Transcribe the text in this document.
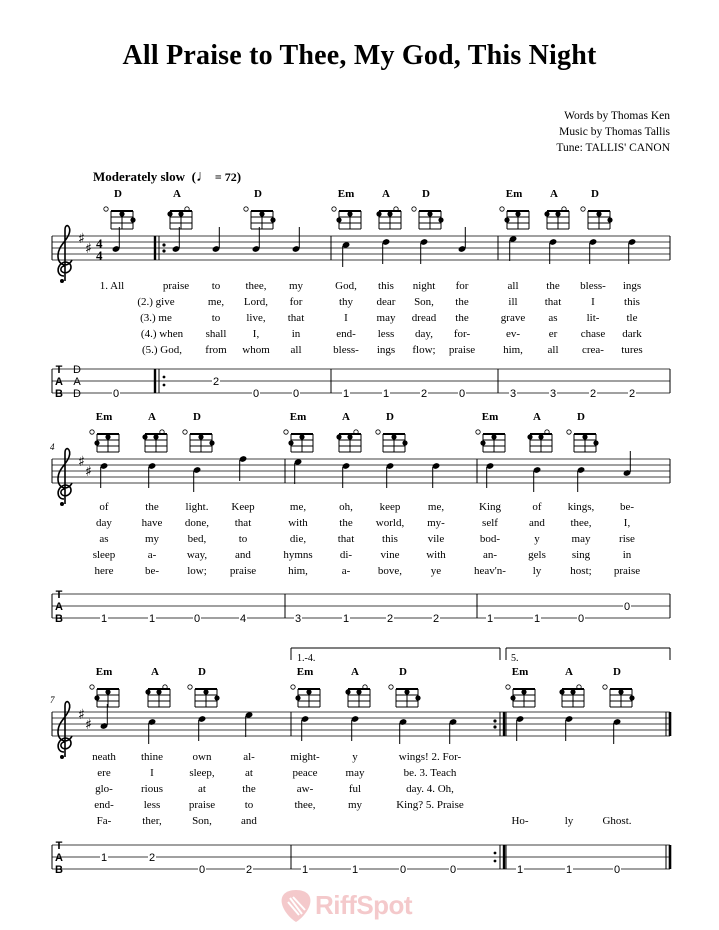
All Praise to Thee, My God, This Night
Words by Thomas Ken
Music by Thomas Tallis
Tune: TALLIS' CANON
Moderately slow  (♩ = 72)
♯
♯ 4
4
D	A	D	Em	A	D	Em	A	D
1. All	praise to thee, my	God, this night for	all	the bless- ings
(2.) give	me, Lord, for	thy dear Son, the	ill that	I	this
(3.) me	to live, that	I	may dread the	grave as	lit- tle
(4.) when shall I,	in	end- less day, for-	ev-	er chase dark
(5.) God, from whom all	bless- ings flow; praise	him, all crea- tures
T
A
B
D
A
D	0
2
0	0	1	1	2	0	3	3	2	2
♯
♯
4
Em	A	D	Em	A	D	Em	A	D
of	the light. Keep	me,	oh, keep	me,	King	of kings, be-
day	have done, that	with	the world, my-	self	and thee,	I,
as	my	bed,	to	die,	that	this	vile	bod-	y	may	rise
sleep	a-	way,	and	hymns di-	vine with	an-	gels sing	in
here	be-	low; praise	him,	a-	bove,	ye	heav'n- ly	host; praise
T
A
B	1	1	0	4	3	1	2	2	1	1	0
0
♯
♯
7
Em	A	D	Em	A	D	Em	A	D
neath thine	own	al-	might-	y	wings! 2. For-
ere	I	sleep,	at	peace	may	be. 3. Teach
glo-	rious	at	the	aw-	ful	day. 4. Oh,
end-	less	praise	to	thee,	my	King? 5. Praise
Fa-	ther,	Son,	and	Ho-	ly	Ghost.
T
A
B
1	2
0	2	1	1	0	0	1	1	0
1.-4.	5.
RiffSpot
